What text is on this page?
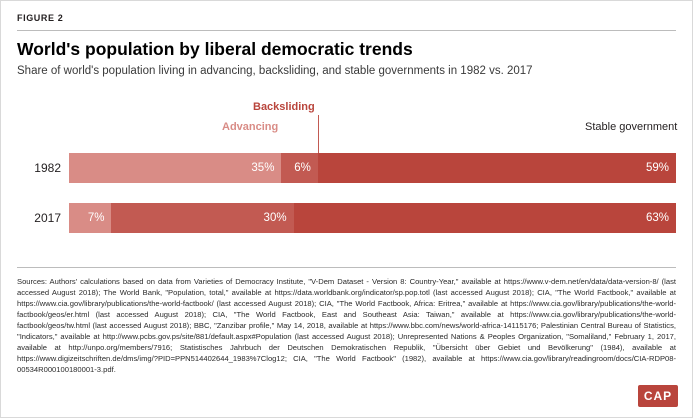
FIGURE 2
World's population by liberal democratic trends

Share of world's population living in advancing, backsliding, and stable governments in 1982 vs. 2017

Backsliding
Advancing	Stable government
1982	35% 6%	59%
2017 7%	30%	63%
Sources: Authors' calculations based on data from Varieties of Democracy Institute, "V-Dem Dataset - Version 8: Country-Year," available at https://www.v-dem.net/en/data/data-version-8/ (last accessed August 2018); The World Bank, "Population, total," available at https://data.worldbank.org/indicator/sp.pop.totl (last accessed August 2018); CIA, "The World Factbook," available at https://www.cia.gov/library/publications/the-world-factbook/ (last accessed August 2018); CIA, "The World Factbook, Africa: Eritrea," available at https://www.cia.gov/library/publications/the-world-factbook/geos/er.html (last accessed August 2018); CIA, "The World Factbook, East and Southeast Asia: Taiwan," available at https://www.cia.gov/library/publications/the-world-factbook/geos/tw.html (last accessed August 2018); BBC, "Zanzibar profile," May 14, 2018, available at https://www.bbc.com/news/world-africa-14115176; Palestinian Central Bureau of Statistics, "Indicators," available at http://www.pcbs.gov.ps/site/881/default.aspx#Population (last accessed August 2018); Unrepresented Nations & Peoples Organization, "Somaliland," February 1, 2017, available at http://unpo.org/members/7916; Statistisches Jahrbuch der Deutschen Demokratischen Republik, "Übersicht über Gebiet und Bevölkerung" (1984), available at https://www.digizeitschriften.de/dms/img/?PID=PPN514402644_1983%7Clog12; CIA, "The World Factbook" (1982), available at https://www.cia.gov/library/readingroom/docs/CIA-RDP08-00534R000100180001-3.pdf.
CAP
